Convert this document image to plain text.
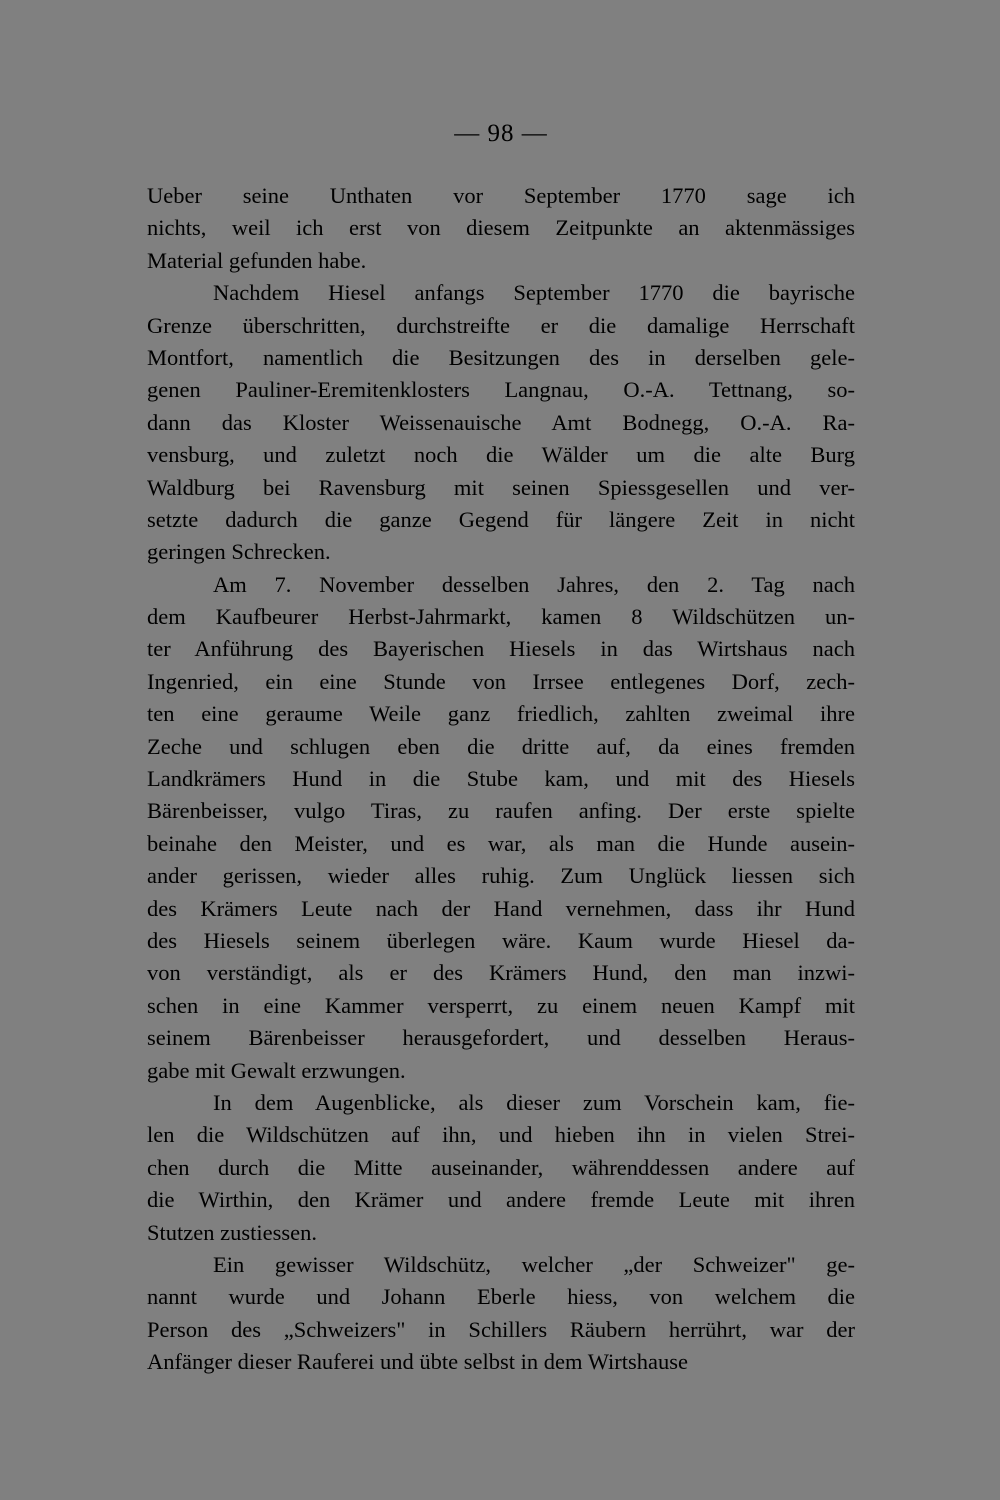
— 98 —
Ueber seine Unthaten vor September 1770 sage ich
nichts, weil ich erst von diesem Zeitpunkte an aktenmässiges
Material gefunden habe.
Nachdem Hiesel anfangs September 1770 die bayrische
Grenze überschritten, durchstreifte er die damalige Herrschaft
Montfort, namentlich die Besitzungen des in derselben gele-
genen Pauliner-Eremitenklosters Langnau, O.-A. Tettnang, so-
dann das Kloster Weissenauische Amt Bodnegg, O.-A. Ra-
vensburg, und zuletzt noch die Wälder um die alte Burg
Waldburg bei Ravensburg mit seinen Spiessgesellen und ver-
setzte dadurch die ganze Gegend für längere Zeit in nicht
geringen Schrecken.
Am 7. November desselben Jahres, den 2. Tag nach
dem Kaufbeurer Herbst-Jahrmarkt, kamen 8 Wildschützen un-
ter Anführung des Bayerischen Hiesels in das Wirtshaus nach
Ingenried, ein eine Stunde von Irrsee entlegenes Dorf, zech-
ten eine geraume Weile ganz friedlich, zahlten zweimal ihre
Zeche und schlugen eben die dritte auf, da eines fremden
Landkrämers Hund in die Stube kam, und mit des Hiesels
Bärenbeisser, vulgo Tiras, zu raufen anfing. Der erste spielte
beinahe den Meister, und es war, als man die Hunde ausein-
ander gerissen, wieder alles ruhig. Zum Unglück liessen sich
des Krämers Leute nach der Hand vernehmen, dass ihr Hund
des Hiesels seinem überlegen wäre. Kaum wurde Hiesel da-
von verständigt, als er des Krämers Hund, den man inzwi-
schen in eine Kammer versperrt, zu einem neuen Kampf mit
seinem Bärenbeisser herausgefordert, und desselben Heraus-
gabe mit Gewalt erzwungen.
In dem Augenblicke, als dieser zum Vorschein kam, fie-
len die Wildschützen auf ihn, und hieben ihn in vielen Strei-
chen durch die Mitte auseinander, währenddessen andere auf
die Wirthin, den Krämer und andere fremde Leute mit ihren
Stutzen zustiessen.
Ein gewisser Wildschütz, welcher „der Schweizer" ge-
nannt wurde und Johann Eberle hiess, von welchem die
Person des „Schweizers" in Schillers Räubern herrührt, war der
Anfänger dieser Rauferei und übte selbst in dem Wirtshause
